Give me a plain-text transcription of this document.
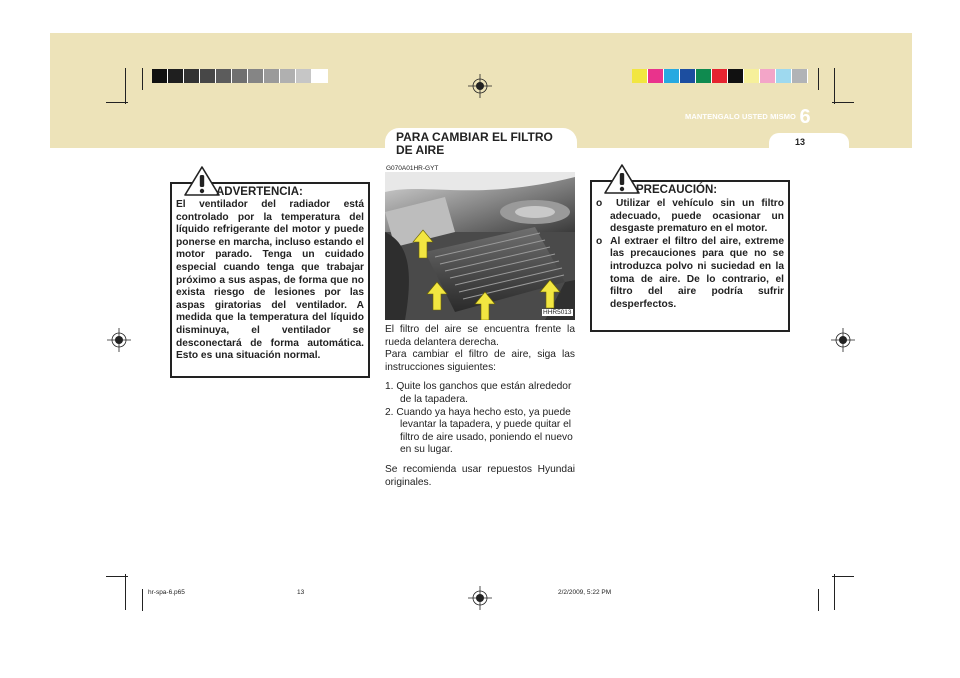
MANTENGALO USTED MISMO 6
13
PARA CAMBIAR EL FILTRO
DE AIRE
ADVERTENCIA:
El ventilador del radiador está controlado por la temperatura del líquido refrigerante del motor y puede ponerse en marcha, incluso estando el motor parado. Tenga un cuidado especial cuando tenga que trabajar próximo a sus aspas, de forma que no exista riesgo de lesiones por las aspas giratorias del ventilador. A medida que la temperatura del líquido disminuya, el ventilador se desconectará de forma automática. Esto es una situación normal.
G070A01HR-GYT
HHR5013

El filtro del aire se encuentra frente la rueda delantera derecha.

Para cambiar el filtro de aire, siga las instrucciones siguientes:

1. Quite los ganchos que están alrededor de la tapadera.

2. Cuando ya haya hecho esto, ya puede levantar la tapadera, y puede quitar el filtro de aire usado, poniendo el nuevo en su lugar.

Se recomienda usar repuestos Hyundai originales.

PRECAUCIÓN:

o Utilizar el vehículo sin un filtro adecuado, puede ocasionar un desgaste prematuro en el motor.

o Al extraer el filtro del aire, extreme las precauciones para que no se introduzca polvo ni suciedad en la toma de aire. De lo contrario, el filtro del aire podría sufrir desperfectos.

hr-spa-6.p65	13	2/2/2009, 5:22 PM
